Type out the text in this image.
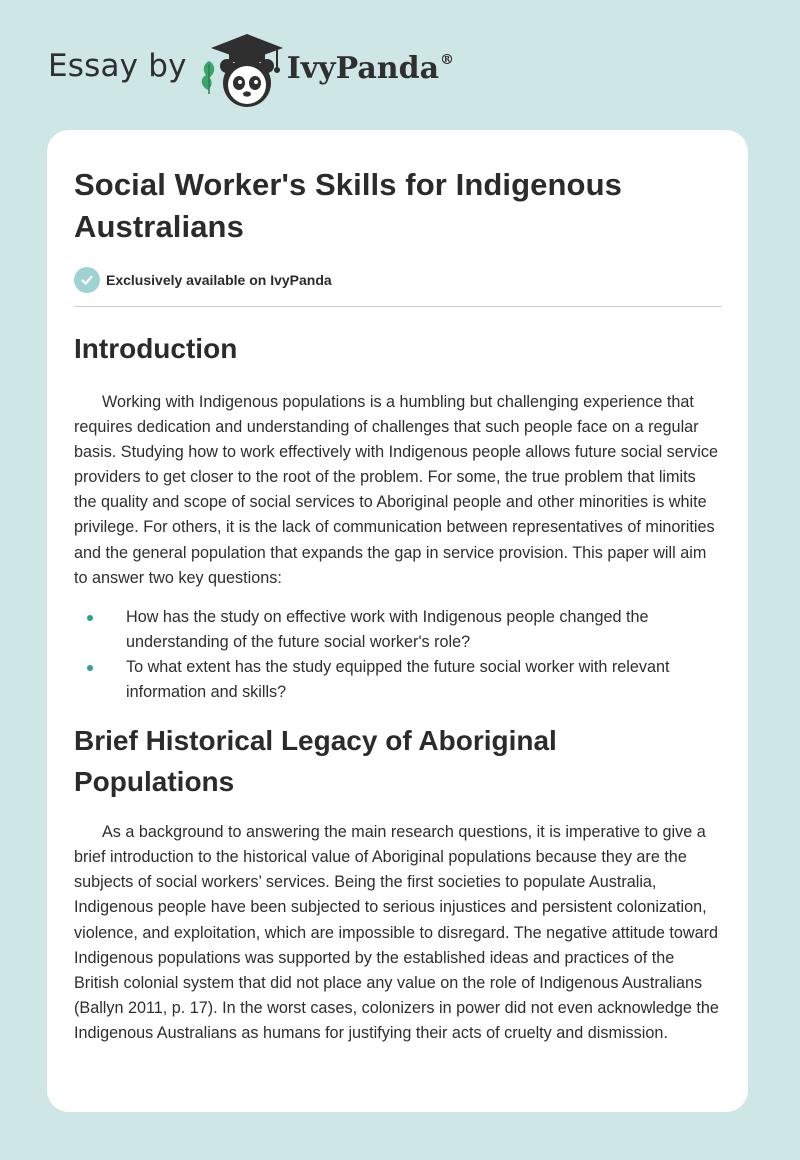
Essay by	IvyPanda®
Social Worker's Skills for Indigenous Australians
Exclusively available on IvyPanda
Introduction

Working with Indigenous populations is a humbling but challenging experience that requires dedication and understanding of challenges that such people face on a regular basis. Studying how to work effectively with Indigenous people allows future social service providers to get closer to the root of the problem. For some, the true problem that limits the quality and scope of social services to Aboriginal people and other minorities is white privilege. For others, it is the lack of communication between representatives of minorities and the general population that expands the gap in service provision. This paper will aim to answer two key questions:

How has the study on effective work with Indigenous people changed the understanding of the future social worker's role?
To what extent has the study equipped the future social worker with relevant information and skills?
Brief Historical Legacy of Aboriginal Populations

As a background to answering the main research questions, it is imperative to give a brief introduction to the historical value of Aboriginal populations because they are the subjects of social workers’ services. Being the first societies to populate Australia, Indigenous people have been subjected to serious injustices and persistent colonization, violence, and exploitation, which are impossible to disregard. The negative attitude toward Indigenous populations was supported by the established ideas and practices of the British colonial system that did not place any value on the role of Indigenous Australians (Ballyn 2011, p. 17). In the worst cases, colonizers in power did not even acknowledge the Indigenous Australians as humans for justifying their acts of cruelty and dismission.
